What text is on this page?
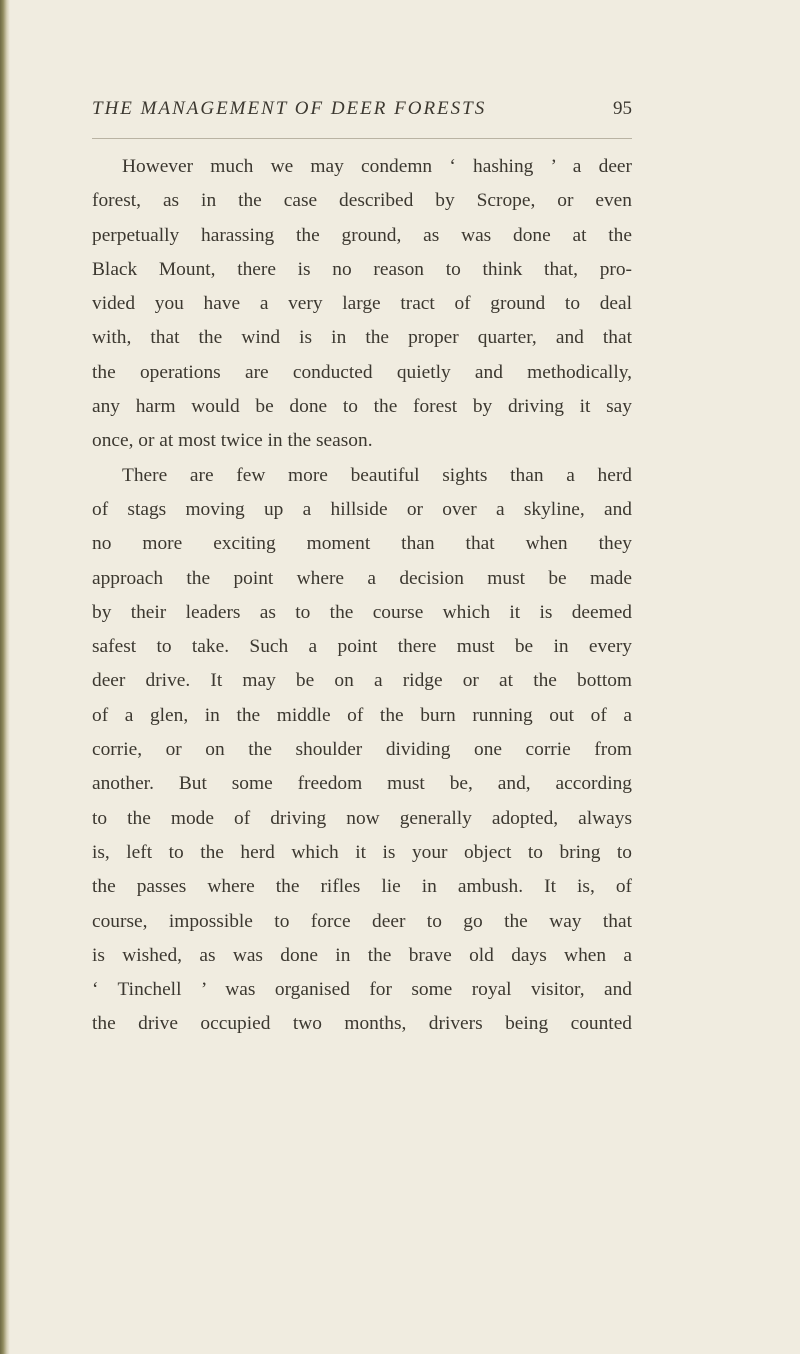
THE MANAGEMENT OF DEER FORESTS	95
However much we may condemn ‘ hashing ’ a deer
forest, as in the case described by Scrope, or even
perpetually harassing the ground, as was done at the
Black Mount, there is no reason to think that, pro-
vided you have a very large tract of ground to deal
with, that the wind is in the proper quarter, and that
the operations are conducted quietly and methodically,
any harm would be done to the forest by driving it say
once, or at most twice in the season.
There are few more beautiful sights than a herd
of stags moving up a hillside or over a skyline, and
no more exciting moment than that when they
approach the point where a decision must be made
by their leaders as to the course which it is deemed
safest to take. Such a point there must be in every
deer drive. It may be on a ridge or at the bottom
of a glen, in the middle of the burn running out of a
corrie, or on the shoulder dividing one corrie from
another. But some freedom must be, and, according
to the mode of driving now generally adopted, always
is, left to the herd which it is your object to bring to
the passes where the rifles lie in ambush. It is, of
course, impossible to force deer to go the way that
is wished, as was done in the brave old days when a
‘ Tinchell ’ was organised for some royal visitor, and
the drive occupied two months, drivers being counted
